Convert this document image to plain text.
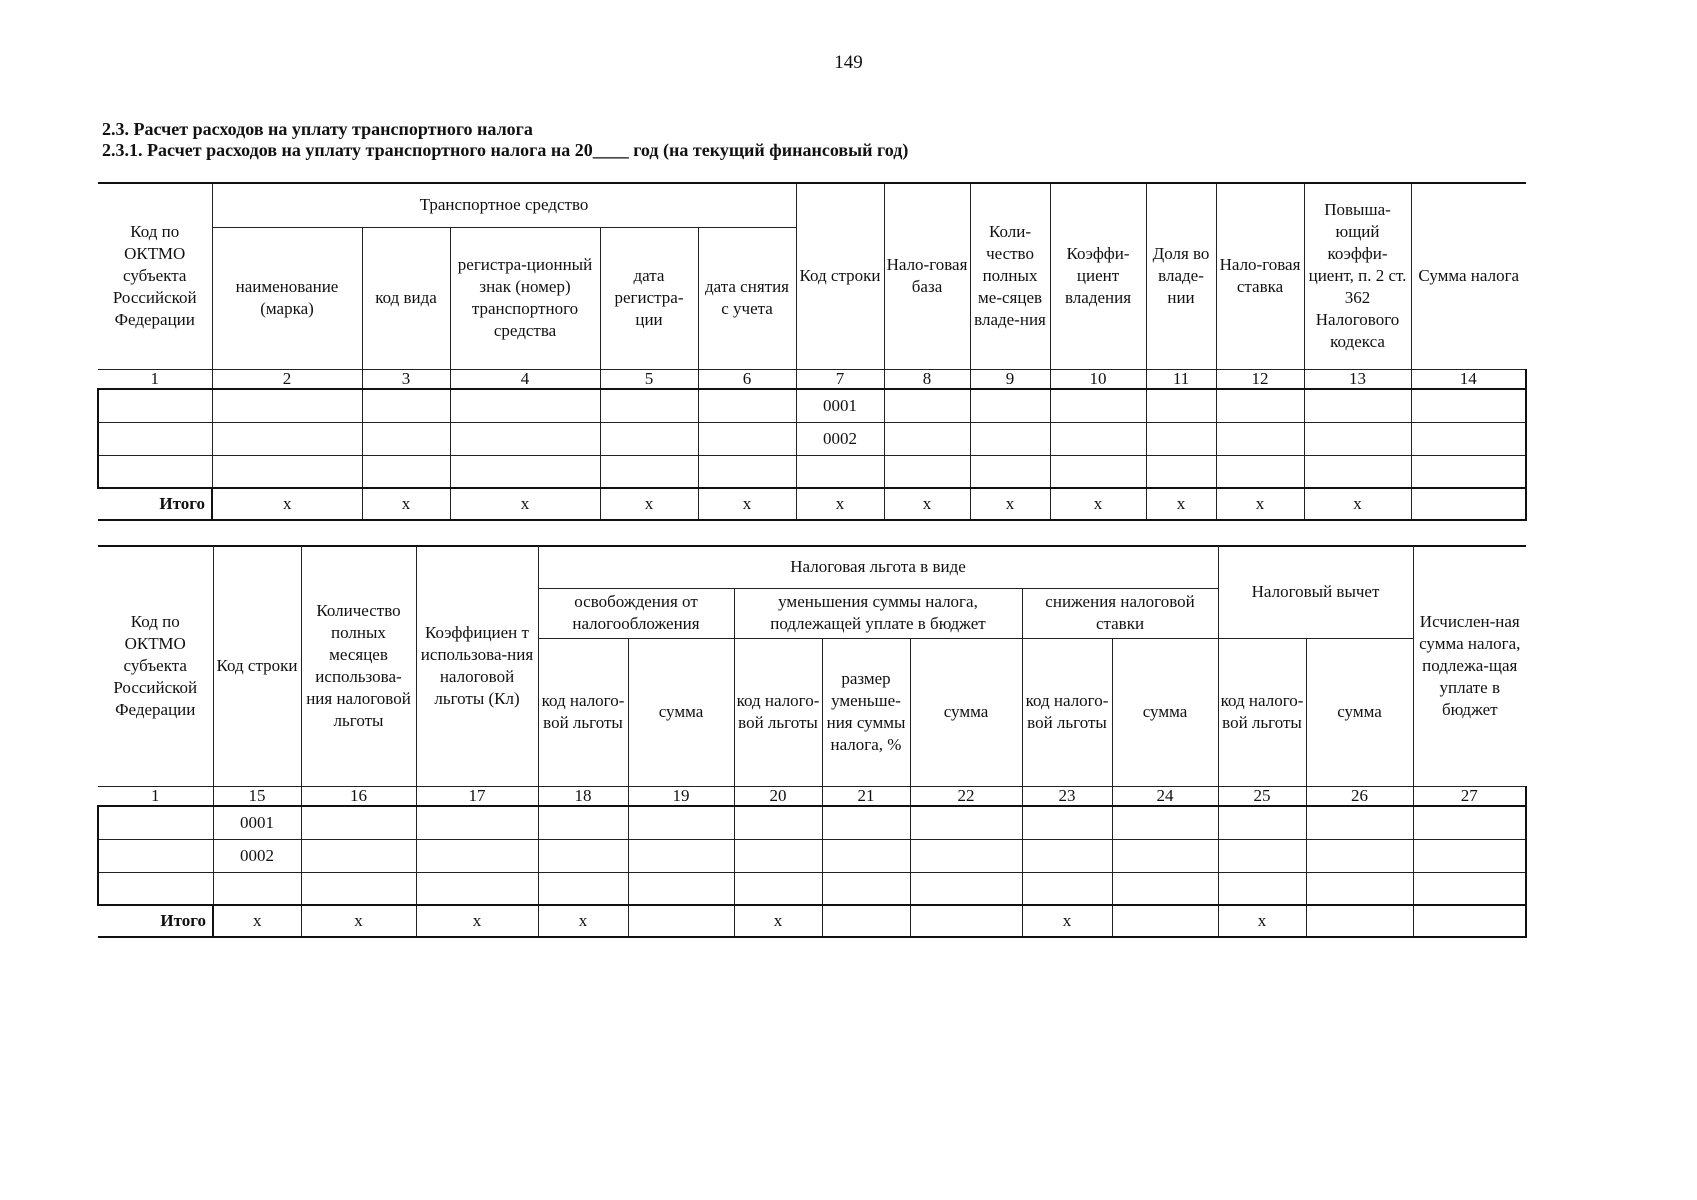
149
2.3. Расчет расходов на уплату транспортного налога
2.3.1. Расчет расходов на уплату транспортного налога на 20____ год (на текущий финансовый год)
Код по ОКТМО субъекта Российской Федерации	Транспортное средство					Код строки	Нало-говая база	Коли-чество полных ме-сяцев владе-ния	Коэффи-циент владения	Доля во владе-нии	Нало-говая ставка	Повыша-ющий коэффи-циент, п. 2 ст. 362 Налогового кодекса	Сумма налога
	наименование (марка)	код вида	регистра-ционный знак (номер) транспортного средства	дата регистра-ции	дата снятия с учета								
1	2	3	4	5	6	7	8	9	10	11	12	13	14
						0001							
						0002							

Итого	x	x	x	x	x	x	x	x	x	x	x	x	
Код по ОКТМО субъекта Российской Федерации	Код строки	Количество полных месяцев использова-ния налоговой льготы	Коэффициен т использова-ния налоговой льготы (Кл)	Налоговая льгота в виде							Налоговый вычет		Исчислен-ная сумма налога, подлежа-щая уплате в бюджет
				освобождения от налогообложения		уменьшения суммы налога, подлежащей уплате в бюджет			снижения налоговой ставки				
				код налого-вой льготы	сумма	код налого-вой льготы	размер уменьше-ния суммы налога, %	сумма	код налого-вой льготы	сумма	код налого-вой льготы	сумма	
1	15	16	17	18	19	20	21	22	23	24	25	26	27
	0001												
	0002												

Итого	x	x	x	x		x			x		x		
